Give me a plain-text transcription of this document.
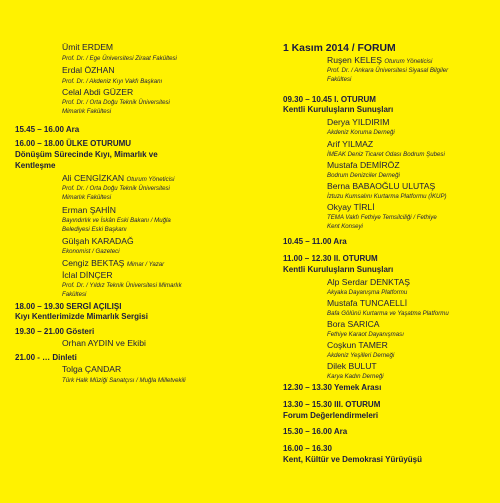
Ümit ERDEM
Prof. Dr. / Ege Üniversitesi Ziraat Fakültesi
Erdal ÖZHAN
Prof. Dr. / Akdeniz Kıyı Vakfı Başkanı
Celal Abdi GÜZER
Prof. Dr. / Orta Doğu Teknik Üniversitesi
Mimarlık Fakültesi
15.45 – 16.00 Ara
16.00 – 18.00 ÜLKE OTURUMU
Dönüşüm Sürecinde Kıyı, Mimarlık ve
Kentleşme
Ali CENGİZKAN Oturum Yöneticisi
Prof. Dr. / Orta Doğu Teknik Üniversitesi
Mimarlık Fakültesi
Erman ŞAHİN
Bayındırlık ve İskân Eski Bakanı / Muğla
Belediyesi Eski Başkanı
Gülşah KARADAĞ
Ekonomist / Gazeteci
Cengiz BEKTAŞ Mimar / Yazar
İclal DİNÇER
Prof. Dr. / Yıldız Teknik Üniversitesi Mimarlık
Fakültesi
18.00 – 19.30 SERGİ AÇILIŞI
Kıyı Kentlerimizde Mimarlık Sergisi
19.30 – 21.00 Gösteri
Orhan AYDIN ve Ekibi
21.00 - … Dinleti
Tolga ÇANDAR
Türk Halk Müziği Sanatçısı / Muğla Milletvekili
1 Kasım 2014 / FORUM
Ruşen KELEŞ Oturum Yöneticisi
Prof. Dr. / Ankara Üniversitesi Siyasal Bilgiler
Fakültesi
09.30 – 10.45 I. OTURUM
Kentli Kuruluşların Sunuşları
Derya YILDIRIM
Akdeniz Koruma Derneği
Arif YILMAZ
İMEAK Deniz Ticaret Odası Bodrum Şubesi
Mustafa DEMİRÖZ
Bodrum Denizciler Derneği
Berna BABAOĞLU ULUTAŞ
İztuzu Kumsalını Kurtarma Platformu (İKUP)
Okyay TİRLİ
TEMA Vakfı Fethiye Temsilciliği / Fethiye
Kent Konseyi
10.45 – 11.00 Ara
11.00 – 12.30 II. OTURUM
Kentli Kuruluşların Sunuşları
Alp Serdar DENKTAŞ
Akyaka Dayanışma Platformu
Mustafa TUNCAELLİ
Bafa Gölünü Kurtarma ve Yaşatma Platformu
Bora SARICA
Fethiye Karaot Dayanışması
Coşkun TAMER
Akdeniz Yeşilleri Derneği
Dilek BULUT
Karya Kadın Derneği
12.30 – 13.30 Yemek Arası
13.30 – 15.30 III. OTURUM
Forum Değerlendirmeleri
15.30 – 16.00 Ara
16.00 – 16.30
Kent, Kültür ve Demokrasi Yürüyüşü
